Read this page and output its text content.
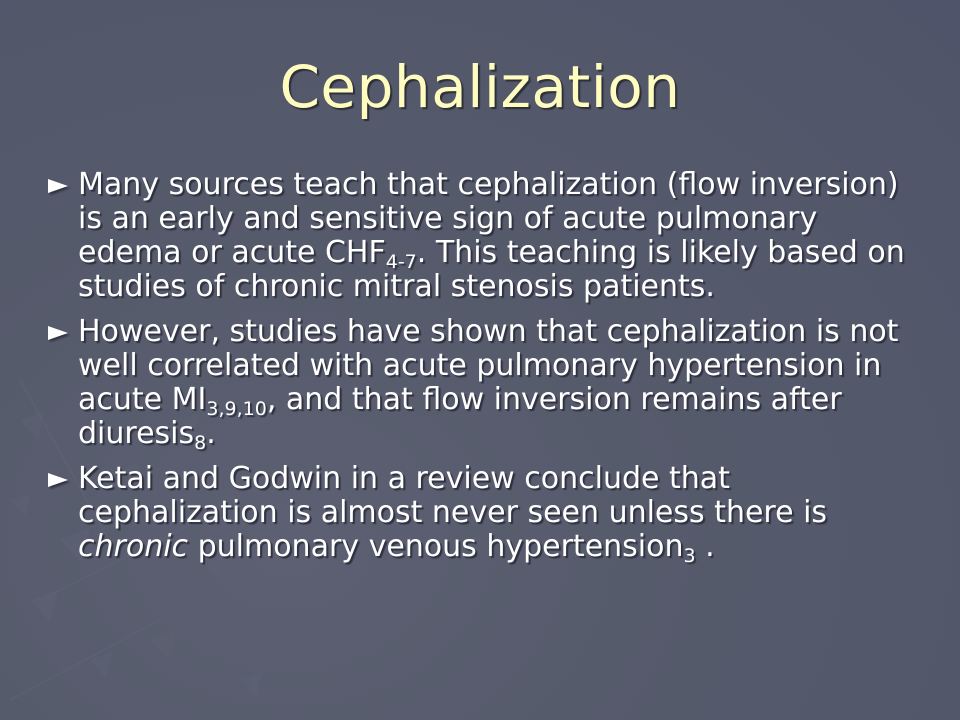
Cephalization
Many sources teach that cephalization (flow inversion) is an early and sensitive sign of acute pulmonary edema or acute $CHF_{4-7}$. This teaching is likely based on studies of chronic mitral stenosis patients.
However, studies have shown that cephalization is not well correlated with acute pulmonary hypertension in acute $MI_{3,9,10}$, and that flow inversion remains after diuresis$_8$.
Ketai and Godwin in a review conclude that cephalization is almost never seen unless there is chronic pulmonary venous hypertension$_3$ .
